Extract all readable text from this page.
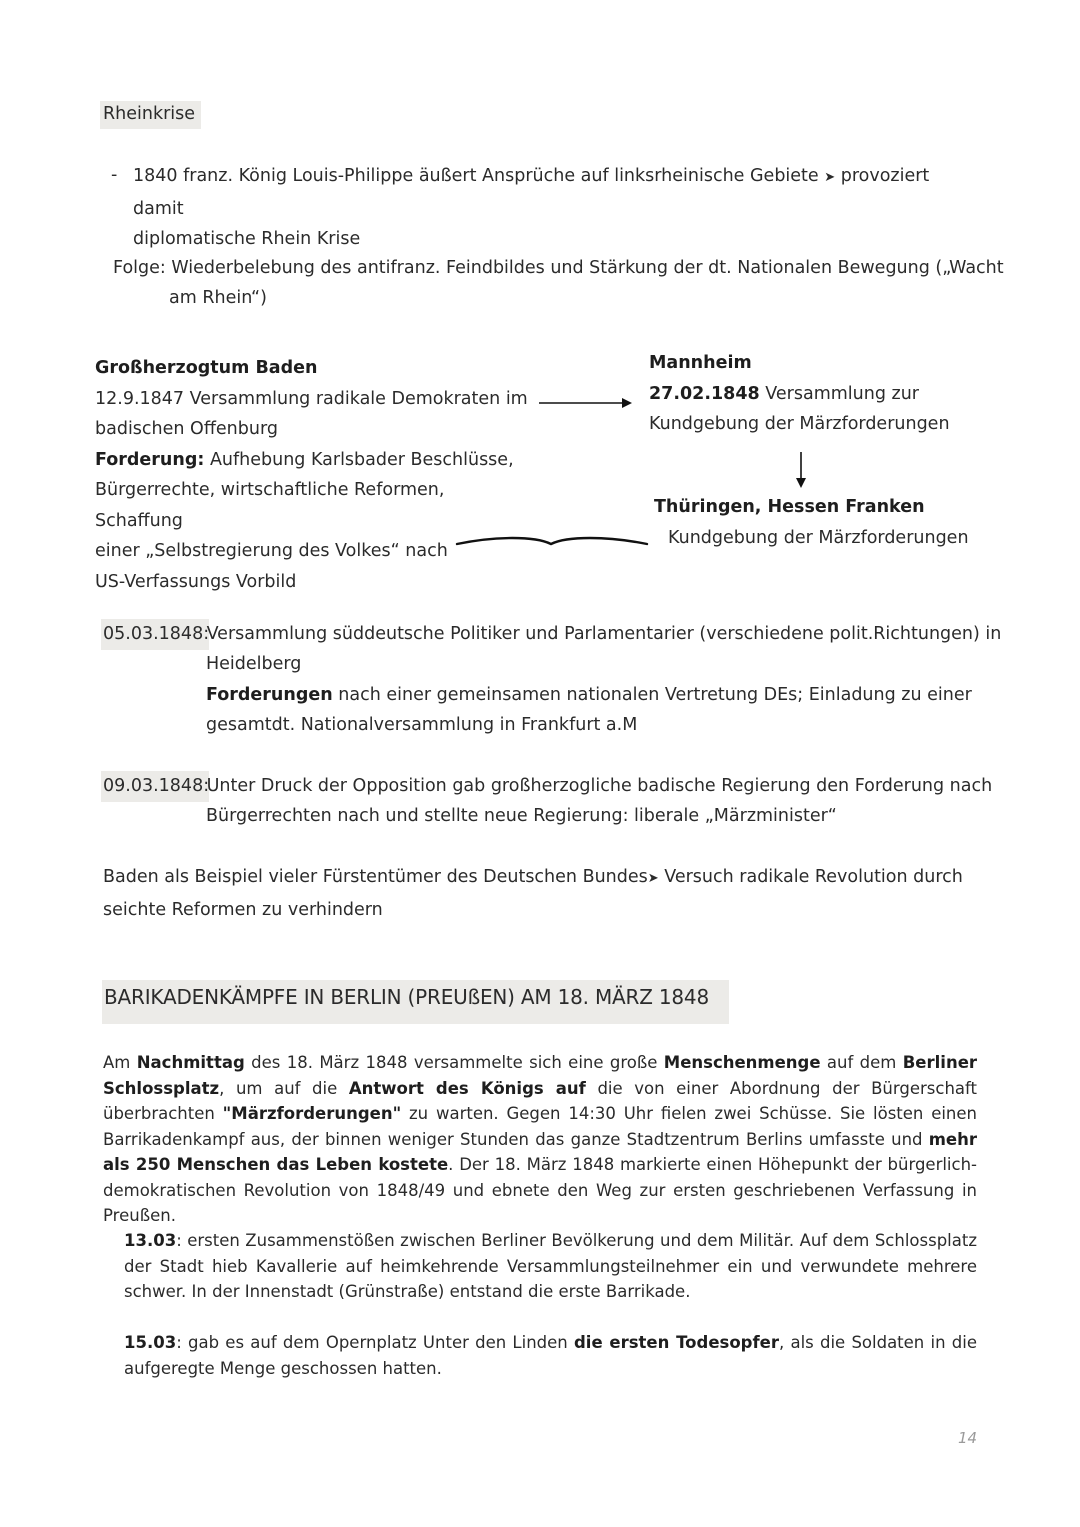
Rheinkrise
- 1840 franz. König Louis-Philippe äußert Ansprüche auf linksrheinische Gebiete ➤ provoziert damit
diplomatische Rhein Krise
Folge: Wiederbelebung des antifranz. Feindbildes und Stärkung der dt. Nationalen Bewegung („Wacht
am Rhein“)
Großherzogtum Baden
12.9.1847 Versammlung radikale Demokraten im
badischen Offenburg
Forderung: Aufhebung Karlsbader Beschlüsse,
Bürgerrechte, wirtschaftliche Reformen, Schaffung
einer „Selbstregierung des Volkes“ nach
US-Verfassungs Vorbild
Mannheim
27.02.1848 Versammlung zur
Kundgebung der Märzforderungen
Thüringen, Hessen Franken
Kundgebung der Märzforderungen
05.03.1848:
Versammlung süddeutsche Politiker und Parlamentarier (verschiedene polit.Richtungen) in
Heidelberg
Forderungen nach einer gemeinsamen nationalen Vertretung DEs; Einladung zu einer
gesamtdt. Nationalversammlung in Frankfurt a.M
09.03.1848:
Unter Druck der Opposition gab großherzogliche badische Regierung den Forderung nach
Bürgerrechten nach und stellte neue Regierung: liberale „Märzminister“
Baden als Beispiel vieler Fürstentümer des Deutschen Bundes➤ Versuch radikale Revolution durch
seichte Reformen zu verhindern
BARIKADENKÄMPFE IN BERLIN (PREUßEN) AM 18. MÄRZ 1848
Am Nachmittag des 18. März 1848 versammelte sich eine große Menschenmenge auf dem Berliner Schlossplatz, um auf die Antwort des Königs auf die von einer Abordnung der Bürgerschaft überbrachten "Märzforderungen" zu warten. Gegen 14:30 Uhr fielen zwei Schüsse. Sie lösten einen Barrikadenkampf aus, der binnen weniger Stunden das ganze Stadtzentrum Berlins umfasste und mehr als 250 Menschen das Leben kostete. Der 18. März 1848 markierte einen Höhepunkt der bürgerlich-demokratischen Revolution von 1848/49 und ebnete den Weg zur ersten geschriebenen Verfassung in Preußen.
13.03: ersten Zusammenstößen zwischen Berliner Bevölkerung und dem Militär. Auf dem Schlossplatz der Stadt hieb Kavallerie auf heimkehrende Versammlungsteilnehmer ein und verwundete mehrere schwer. In der Innenstadt (Grünstraße) entstand die erste Barrikade.
15.03: gab es auf dem Opernplatz Unter den Linden die ersten Todesopfer, als die Soldaten in die aufgeregte Menge geschossen hatten.
14
